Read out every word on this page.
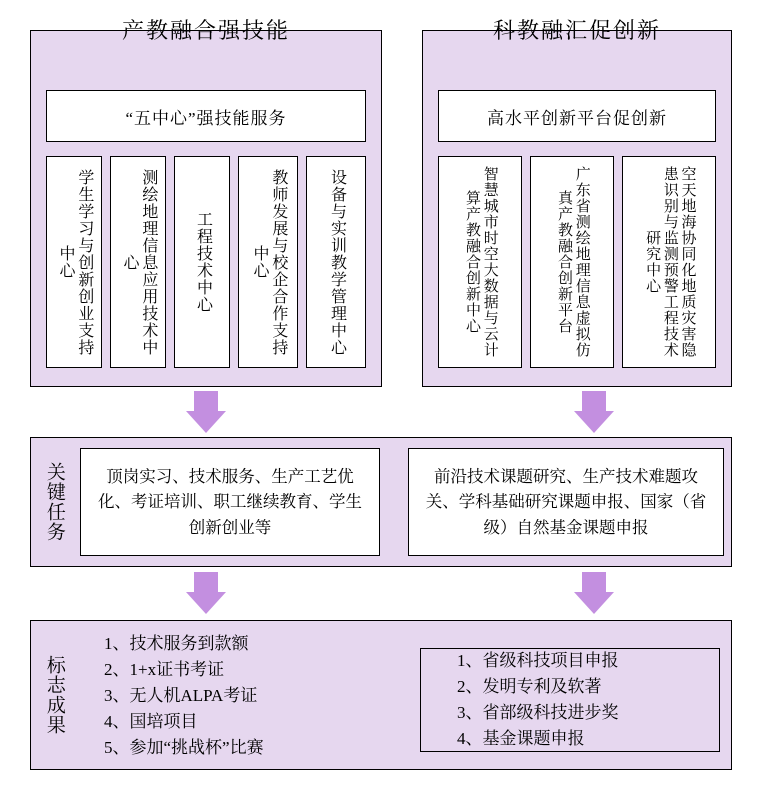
产教融合强技能	科教融汇促创新
“五中心”强技能服务	高水平创新平台促创新
学生学习与创新创业支持中心	测绘地理信息应用技术中心	工程技术中心	教师发展与校企合作支持中心	设备与实训教学管理中心	智慧城市时空大数据与云计算产教融合创新中心	广东省测绘地理信息虚拟仿真产教融合创新平台	空天地海协同化地质灾害隐患识别与监测预警工程技术研究中心
关键任务	顶岗实习、技术服务、生产工艺优化、考证培训、职工继续教育、学生创新创业等
前沿技术课题研究、生产技术难题攻关、学科基础研究课题申报、国家（省级）自然基金课题申报
标志成果
1、技术服务到款额
2、1+x证书考证
3、无人机ALPA考证
4、国培项目
5、参加“挑战杯”比赛
1、省级科技项目申报
2、发明专利及软著
3、省部级科技进步奖
4、基金课题申报
